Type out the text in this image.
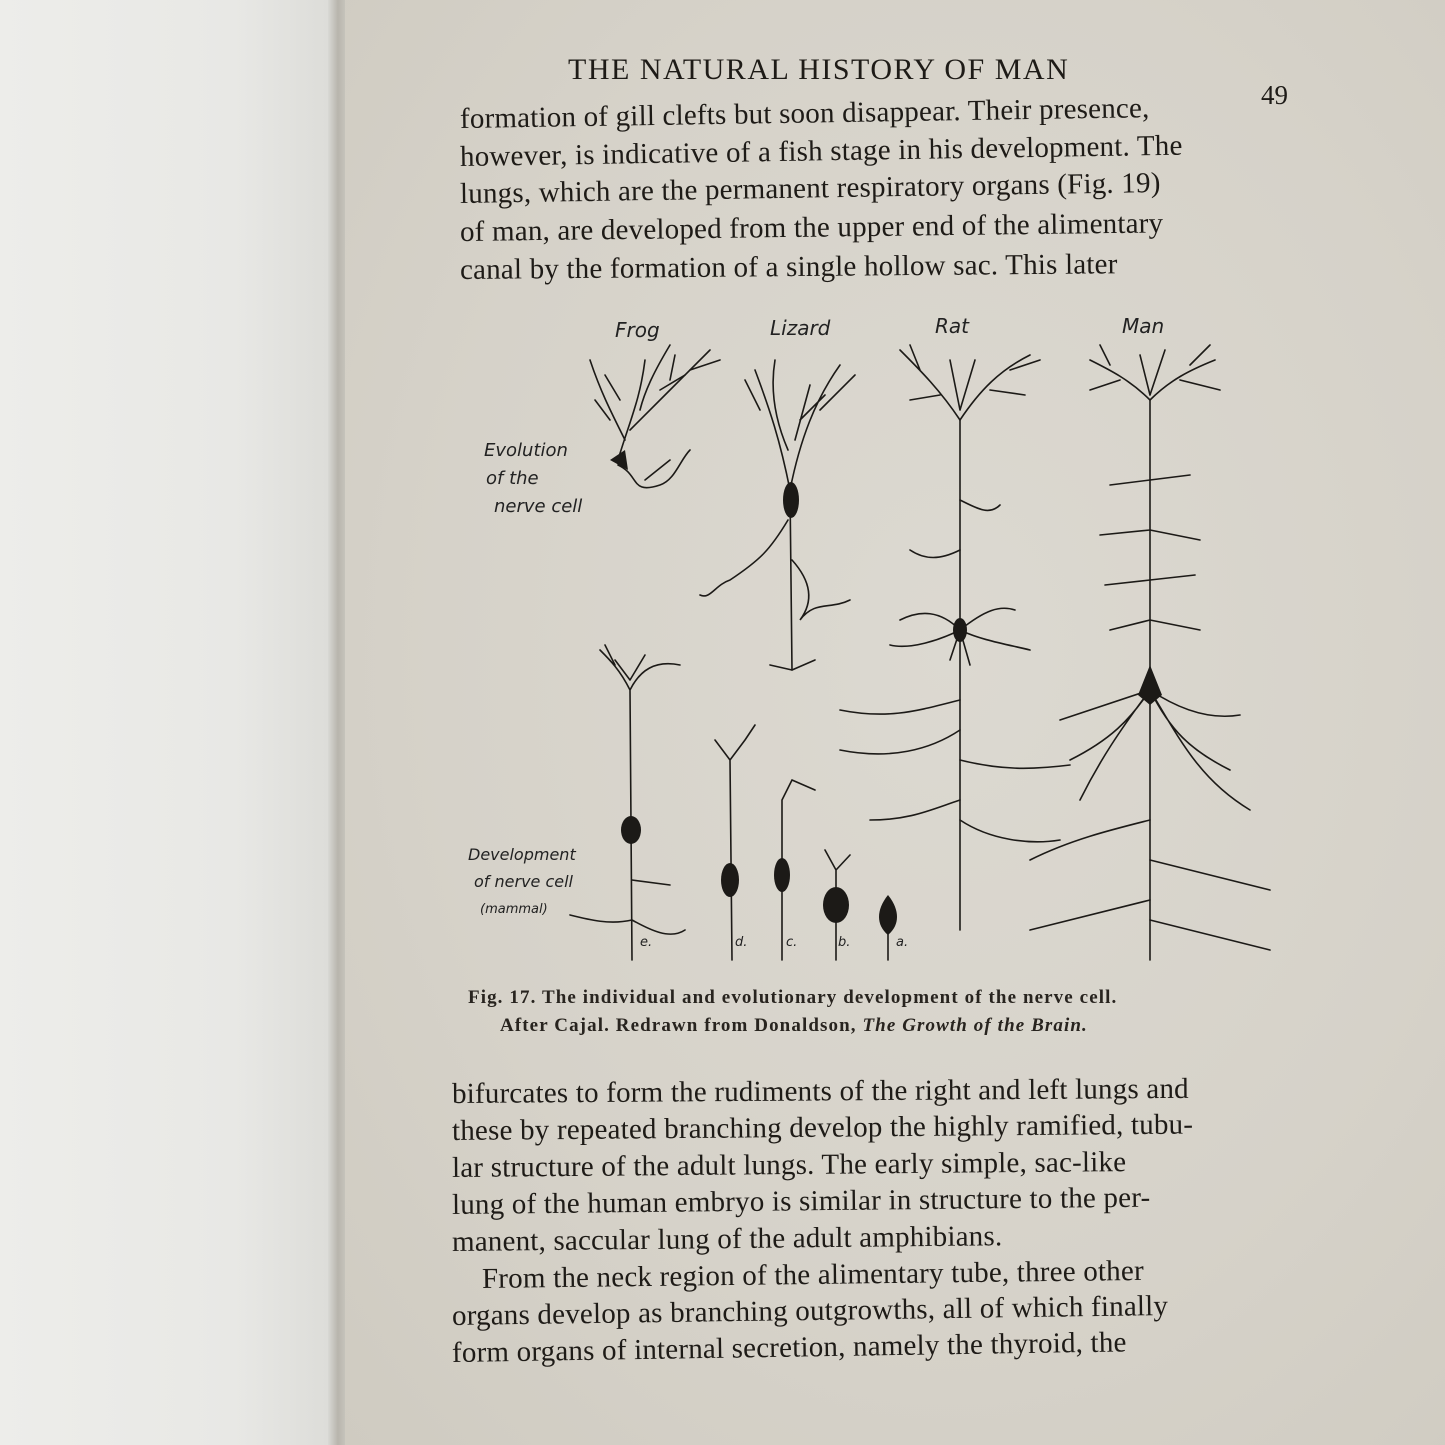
THE NATURAL HISTORY OF MAN
49

formation of gill clefts but soon disappear. Their presence,

however, is indicative of a fish stage in his development. The

lungs, which are the permanent respiratory organs (Fig. 19)

of man, are developed from the upper end of the alimentary

canal by the formation of a single hollow sac. This later

Frog	Lizard	Rat	Man
Evolution
of the
nerve cell
Development
of nerve cell
(mammal)
e.	d.	c.	b.	a.
Fig. 17. The individual and evolutionary development of the nerve cell.
After Cajal. Redrawn from Donaldson, The Growth of the Brain.

bifurcates to form the rudiments of the right and left lungs and

these by repeated branching develop the highly ramified, tubu-

lar structure of the adult lungs. The early simple, sac-like

lung of the human embryo is similar in structure to the per-

manent, saccular lung of the adult amphibians.

From the neck region of the alimentary tube, three other

organs develop as branching outgrowths, all of which finally

form organs of internal secretion, namely the thyroid, the
